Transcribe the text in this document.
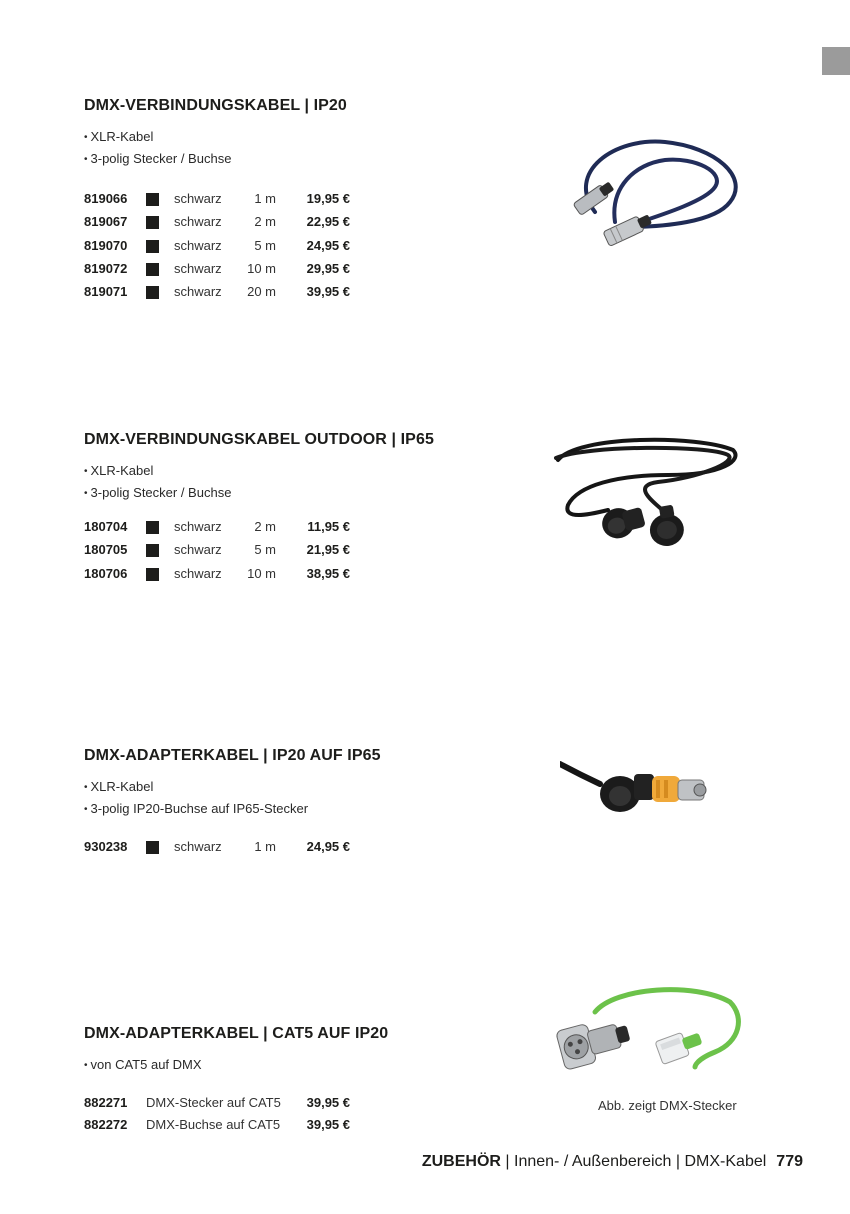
DMX-VERBINDUNGSKABEL | IP20
• XLR-Kabel
• 3-polig Stecker / Buchse
819066		schwarz	1 m	19,95 €
819067		schwarz	2 m	22,95 €
819070		schwarz	5 m	24,95 €
819072		schwarz	10 m	29,95 €
819071		schwarz	20 m	39,95 €
DMX-VERBINDUNGSKABEL OUTDOOR | IP65
• XLR-Kabel
• 3-polig Stecker / Buchse
180704		schwarz	2 m	11,95 €
180705		schwarz	5 m	21,95 €
180706		schwarz	10 m	38,95 €
DMX-ADAPTERKABEL | IP20 AUF IP65
• XLR-Kabel
• 3-polig IP20-Buchse auf IP65-Stecker
930238		schwarz	1 m	24,95 €
DMX-ADAPTERKABEL | CAT5 AUF IP20
• von CAT5 auf DMX
882271	DMX-Stecker auf CAT5	39,95 €
882272	DMX-Buchse auf CAT5	39,95 €
Abb. zeigt DMX-Stecker
ZUBEHÖR | Innen- / Außenbereich | DMX-Kabel 779
